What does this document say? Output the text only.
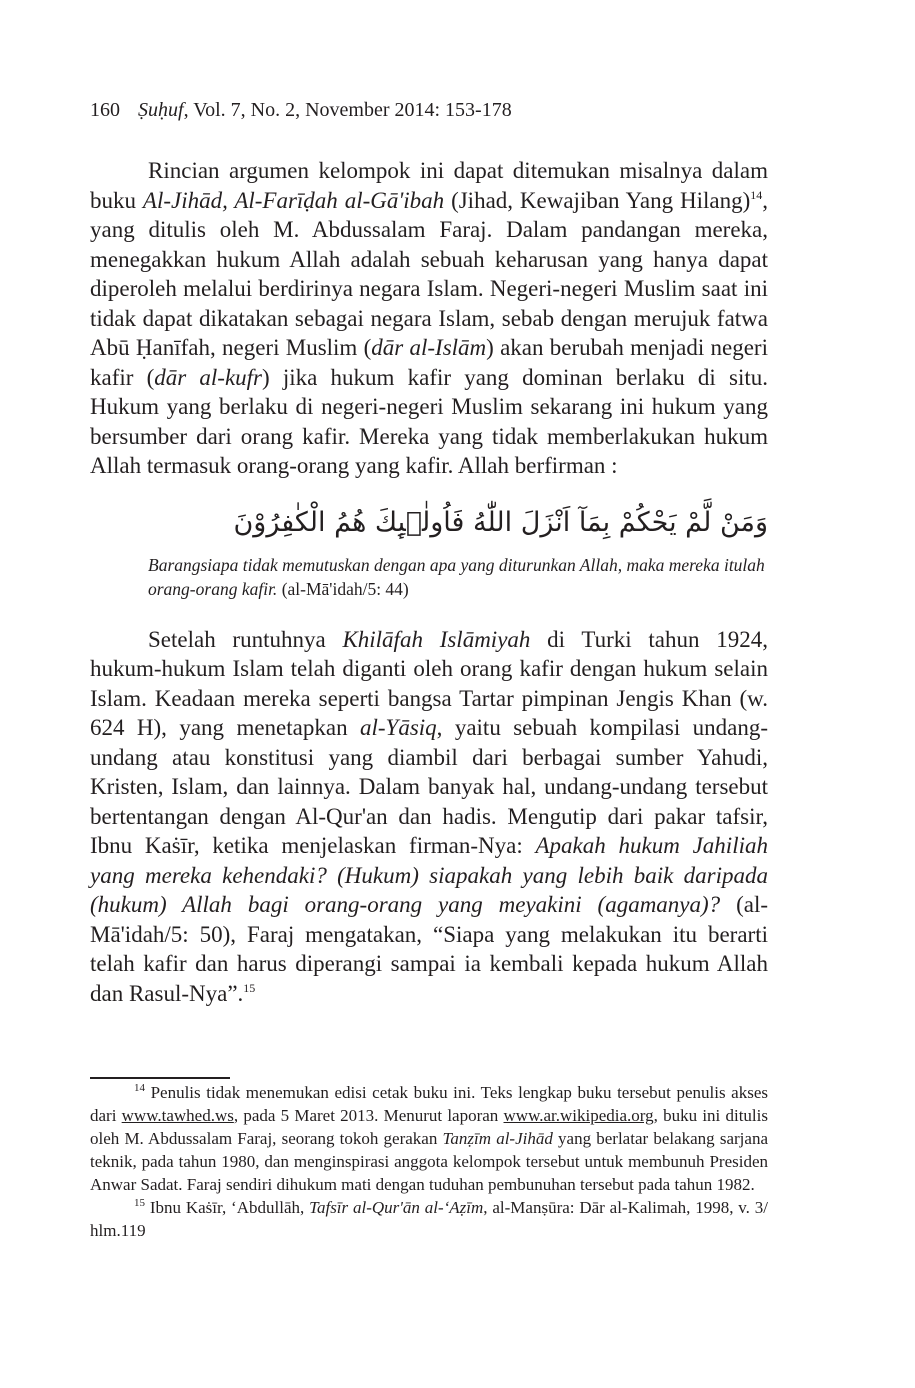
160 Ṣuḥuf, Vol. 7, No. 2, November 2014: 153-178

Rincian argumen kelompok ini dapat ditemukan misalnya dalam buku Al-Jihād, Al-Farīḍah al-Gā'ibah (Jihad, Kewajiban Yang Hilang)$^{14}$, yang ditulis oleh M. Abdussalam Faraj. Dalam pandangan mereka, menegakkan hukum Allah adalah sebuah keharusan yang hanya dapat diperoleh melalui berdirinya negara Islam. Negeri-negeri Muslim saat ini tidak dapat dikatakan sebagai negara Islam, sebab dengan merujuk fatwa Abū Ḥanīfah, negeri Muslim (dār al-Islām) akan berubah menjadi negeri kafir (dār al-kufr) jika hukum kafir yang dominan berlaku di situ. Hukum yang berlaku di negeri-negeri Muslim sekarang ini hukum yang bersumber dari orang kafir. Mereka yang tidak memberlakukan hukum Allah termasuk orang-orang yang kafir. Allah berfirman :

وَمَنْ لَّمْ يَحْكُمْ بِمَآ اَنْزَلَ اللّٰهُ فَاُولٰۤىِٕكَ هُمُ الْكٰفِرُوْنَ
Barangsiapa tidak memutuskan dengan apa yang diturunkan Allah, maka mereka itulah orang-orang kafir. (al-Mā'idah/5: 44)

Setelah runtuhnya Khilāfah Islāmiyah di Turki tahun 1924, hukum-hukum Islam telah diganti oleh orang kafir dengan hukum selain Islam. Keadaan mereka seperti bangsa Tartar pimpinan Jengis Khan (w. 624 H), yang menetapkan al-Yāsiq, yaitu sebuah kompilasi undang-undang atau konstitusi yang diambil dari berbagai sumber Yahudi, Kristen, Islam, dan lainnya. Dalam banyak hal, undang-undang tersebut bertentangan dengan Al-Qur'an dan hadis. Mengutip dari pakar tafsir, Ibnu Kaṡīr, ketika menjelaskan firman-Nya: Apakah hukum Jahiliah yang mereka kehendaki? (Hukum) siapakah yang lebih baik daripada (hukum) Allah bagi orang-orang yang meyakini (agamanya)? (al-Mā'idah/5: 50), Faraj mengatakan, “Siapa yang melakukan itu berarti telah kafir dan harus diperangi sampai ia kembali kepada hukum Allah dan Rasul-Nya”.$^{15}$

$^{14}$ Penulis tidak menemukan edisi cetak buku ini. Teks lengkap buku tersebut penulis akses dari www.tawhed.ws, pada 5 Maret 2013. Menurut laporan www.ar.wikipedia.org, buku ini ditulis oleh M. Abdussalam Faraj, seorang tokoh gerakan Tanẓīm al-Jihād yang berlatar belakang sarjana teknik, pada tahun 1980, dan menginspirasi anggota kelompok tersebut untuk membunuh Presiden Anwar Sadat. Faraj sendiri dihukum mati dengan tuduhan pembunuhan tersebut pada tahun 1982.

$^{15}$ Ibnu Kaṡīr, ‘Abdullāh, Tafsīr al-Qur'ān al-‘Aẓīm, al-Manṣūra: Dār al-Kalimah, 1998, v. 3/ hlm.119
